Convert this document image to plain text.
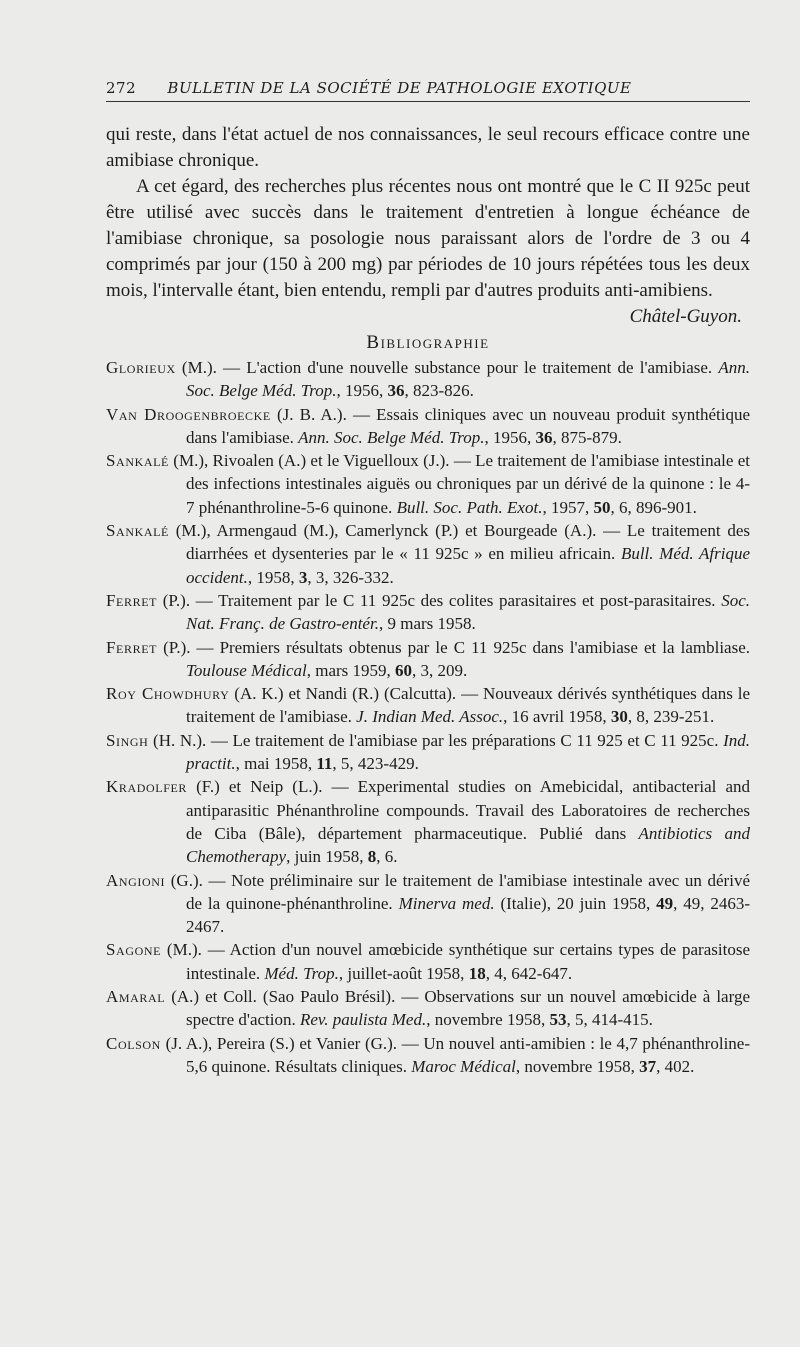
272 BULLETIN DE LA SOCIÉTÉ DE PATHOLOGIE EXOTIQUE

qui reste, dans l'état actuel de nos connaissances, le seul recours efficace contre une amibiase chronique.

A cet égard, des recherches plus récentes nous ont montré que le C II 925c peut être utilisé avec succès dans le traitement d'entretien à longue échéance de l'amibiase chronique, sa posologie nous paraissant alors de l'ordre de 3 ou 4 comprimés par jour (150 à 200 mg) par périodes de 10 jours répétées tous les deux mois, l'intervalle étant, bien entendu, rempli par d'autres produits anti-amibiens.

Châtel-Guyon.

Bibliographie

Glorieux (M.). — L'action d'une nouvelle substance pour le traitement de l'amibiase. Ann. Soc. Belge Méd. Trop., 1956, 36, 823-826.

Van Droogenbroecke (J. B. A.). — Essais cliniques avec un nouveau produit synthétique dans l'amibiase. Ann. Soc. Belge Méd. Trop., 1956, 36, 875-879.

Sankalé (M.), Rivoalen (A.) et le Viguelloux (J.). — Le traitement de l'amibiase intestinale et des infections intestinales aiguës ou chroniques par un dérivé de la quinone : le 4-7 phénanthroline-5-6 quinone. Bull. Soc. Path. Exot., 1957, 50, 6, 896-901.

Sankalé (M.), Armengaud (M.), Camerlynck (P.) et Bourgeade (A.). — Le traitement des diarrhées et dysenteries par le « 11 925c » en milieu africain. Bull. Méd. Afrique occident., 1958, 3, 3, 326-332.

Ferret (P.). — Traitement par le C 11 925c des colites parasitaires et post-parasitaires. Soc. Nat. Franç. de Gastro-entér., 9 mars 1958.

Ferret (P.). — Premiers résultats obtenus par le C 11 925c dans l'amibiase et la lambliase. Toulouse Médical, mars 1959, 60, 3, 209.

Roy Chowdhury (A. K.) et Nandi (R.) (Calcutta). — Nouveaux dérivés synthétiques dans le traitement de l'amibiase. J. Indian Med. Assoc., 16 avril 1958, 30, 8, 239-251.

Singh (H. N.). — Le traitement de l'amibiase par les préparations C 11 925 et C 11 925c. Ind. practit., mai 1958, 11, 5, 423-429.

Kradolfer (F.) et Neip (L.). — Experimental studies on Amebicidal, antibacterial and antiparasitic Phénanthroline compounds. Travail des Laboratoires de recherches de Ciba (Bâle), département pharmaceutique. Publié dans Antibiotics and Chemotherapy, juin 1958, 8, 6.

Angioni (G.). — Note préliminaire sur le traitement de l'amibiase intestinale avec un dérivé de la quinone-phénanthroline. Minerva med. (Italie), 20 juin 1958, 49, 49, 2463-2467.

Sagone (M.). — Action d'un nouvel amœbicide synthétique sur certains types de parasitose intestinale. Méd. Trop., juillet-août 1958, 18, 4, 642-647.

Amaral (A.) et Coll. (Sao Paulo Brésil). — Observations sur un nouvel amœbicide à large spectre d'action. Rev. paulista Med., novembre 1958, 53, 5, 414-415.

Colson (J. A.), Pereira (S.) et Vanier (G.). — Un nouvel anti-amibien : le 4,7 phénanthroline-5,6 quinone. Résultats cliniques. Maroc Médical, novembre 1958, 37, 402.
